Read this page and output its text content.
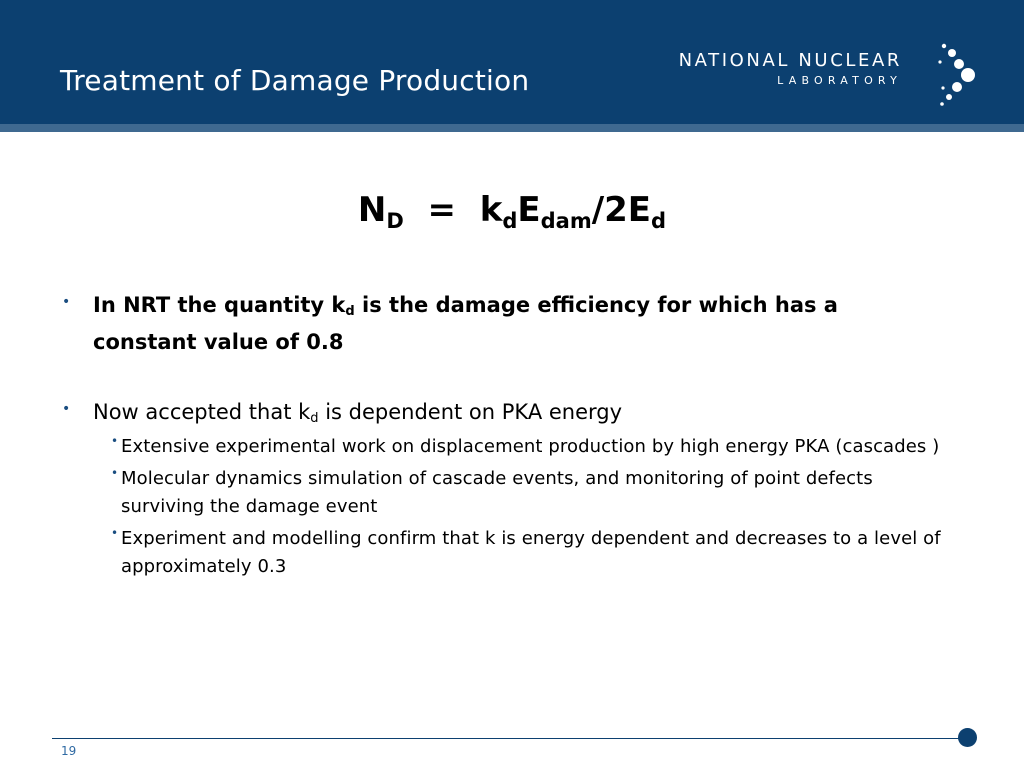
Treatment of Damage Production
NATIONAL NUCLEAR
LABORATORY
$N_D = k_dE_{dam}/2E_d$
• In NRT the quantity $k_d$ is the damage efficiency for which has a constant value of 0.8
• Now accepted that $k_d$ is dependent on PKA energy
• Extensive experimental work on displacement production by high energy PKA (cascades )
• Molecular dynamics simulation of cascade events, and monitoring of point defects surviving the damage event
• Experiment and modelling confirm that k is energy dependent and decreases to a level of approximately 0.3
19
